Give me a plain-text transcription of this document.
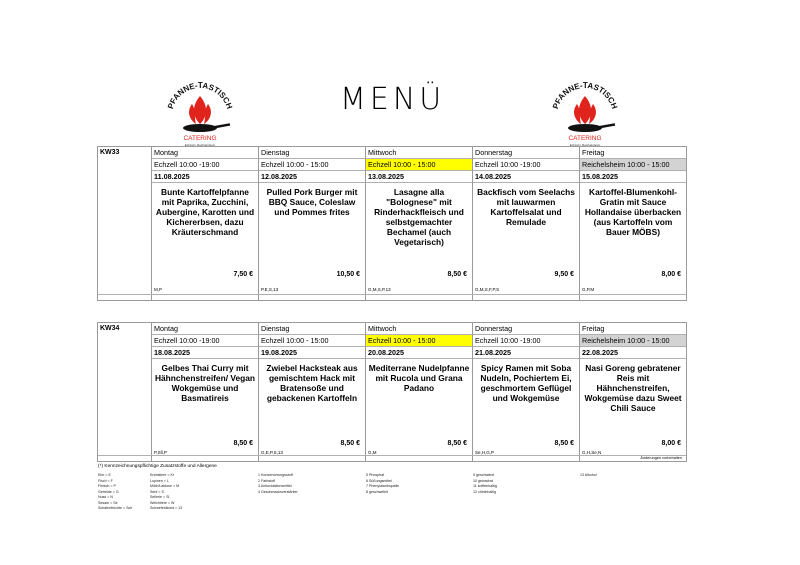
MENÜ
PFANNE-TASTISCH
CATERING
Echzell • Reichelsheim
PFANNE-TASTISCH
CATERING
Echzell • Reichelsheim
KW33	Montag
Echzell 10:00 -19:00
11.08.2025
Bunte Kartoffelpfanne mit Paprika, Zucchini, Aubergine, Karotten und Kichererbsen, dazu Kräuterschmand
7,50 €
M,P
Dienstag
Echzell 10:00 - 15:00
12.08.2025
Pulled Pork Burger mit BBQ Sauce, Coleslaw und Pommes frites
10,50 €
P,E,S,13
Mittwoch
Echzell 10:00 - 15:00
13.08.2025
Lasagne alla "Bolognese" mit Rinderhackfleisch und selbstgemachter Bechamel (auch Vegetarisch)
8,50 €
G,M,S,P,13
Donnerstag
Echzell 10:00 -19:00
14.08.2025
Backfisch vom Seelachs mit lauwarmen Kartoffelsalat und Remulade
9,50 €
G,M,S,F,P,S
Freitag
Reichelsheim 10:00 - 15:00
15.08.2025
Kartoffel-Blumenkohl-Gratin mit Sauce Hollandaise überbacken (aus Kartoffeln vom Bauer MÖBS)
8,00 €
G,P,M
KW34	Montag
Echzell 10:00 -19:00
18.08.2025
Gelbes Thai Curry mit Hähnchenstreifen/ Vegan Wokgemüse und Basmatireis
8,50 €
P,Sll,P
Dienstag
Echzell 10:00 - 15:00
19.08.2025
Zwiebel Hacksteak aus gemischtem Hack mit Bratensoße und gebackenen Kartoffeln
8,50 €
G,E,P,S,13
Mittwoch
Echzell 10:00 - 15:00
20.08.2025
Mediterrane Nudelpfanne mit Rucola und Grana Padano
8,50 €
G,M
Donnerstag
Echzell 10:00 -19:00
21.08.2025
Spicy Ramen mit Soba Nudeln, Pochiertem Ei, geschmortem Geflügel und Wokgemüse
8,50 €
Se,H,G,P
Freitag
Reichelsheim 10:00 - 15:00
22.08.2025
Nasi Goreng gebratener Reis mit Hähnchenstreifen, Wokgemüse dazu Sweet Chili Sauce
8,00 €
G,H,Se,N
Änderungen vorbehalten
(*) Kennzeichnungspflichtige Zusatzstoffe und Allergene
Eier = E
Fisch = F
Fleisch = P
Getreide = G
Nuss = N
Sesam = Se
Schalenfrüchte = Sch
Krebstiere = Kr
Lupinen = L
Milch/Laktose = M
Senf = S
Sellerie = Sl
Weichtiere = W
Schwefeldioxid = 13
1 Konservierungsstoff
2 Farbstoff
3 Antioxidationsmittel
4 Geschmacksverstärker
5 Phosphat
6 Süßungsmittel
7 Phenylalaninquelle
8 geschwefelt
9 geschwärzt
10 gewachst
11 koffeinhaltig
12 chininhaltig
13 Alkohol
